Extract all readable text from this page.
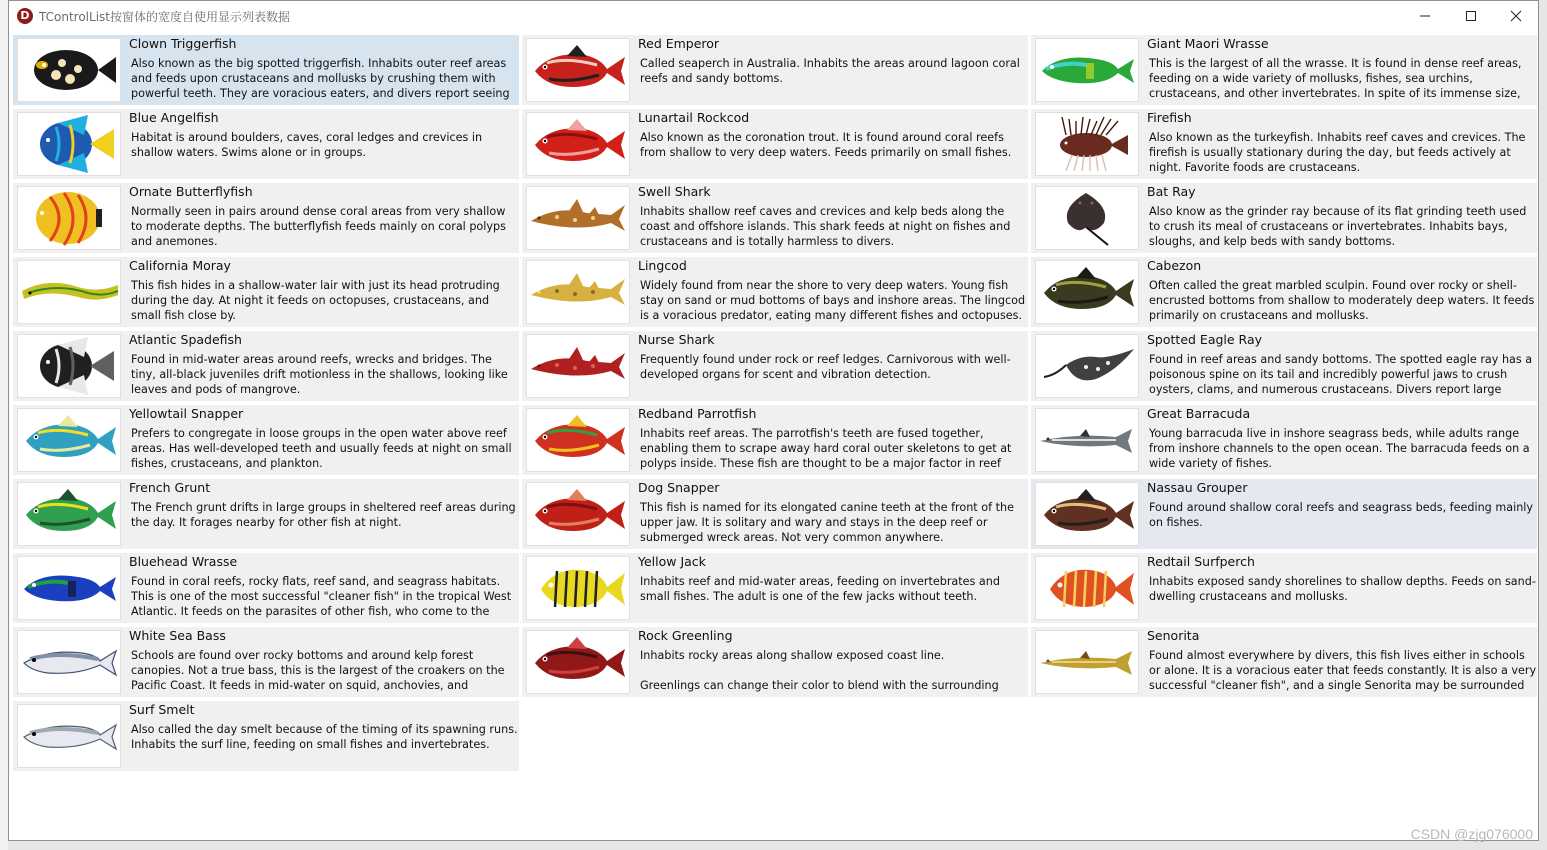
D TControlList按窗体的宽度自使用显示列表数据
Clown Triggerfish
Also known as the big spotted triggerfish. Inhabits outer reef areas and feeds upon crustaceans and mollusks by crushing them with powerful teeth. They are voracious eaters, and divers report seeing
Red Emperor
Called seaperch in Australia. Inhabits the areas around lagoon coral reefs and sandy bottoms.
Giant Maori Wrasse
This is the largest of all the wrasse. It is found in dense reef areas, feeding on a wide variety of mollusks, fishes, sea urchins, crustaceans, and other invertebrates. In spite of its immense size,
Blue Angelfish
Habitat is around boulders, caves, coral ledges and crevices in shallow waters. Swims alone or in groups.
Lunartail Rockcod
Also known as the coronation trout. It is found around coral reefs from shallow to very deep waters. Feeds primarily on small fishes.
Firefish
Also known as the turkeyfish. Inhabits reef caves and crevices. The firefish is usually stationary during the day, but feeds actively at night. Favorite foods are crustaceans.
Ornate Butterflyfish
Normally seen in pairs around dense coral areas from very shallow to moderate depths. The butterflyfish feeds mainly on coral polyps and anemones.
Swell Shark
Inhabits shallow reef caves and crevices and kelp beds along the coast and offshore islands. This shark feeds at night on fishes and crustaceans and is totally harmless to divers.
Bat Ray
Also know as the grinder ray because of its flat grinding teeth used to crush its meal of crustaceans or invertebrates. Inhabits bays, sloughs, and kelp beds with sandy bottoms.
California Moray
This fish hides in a shallow-water lair with just its head protruding during the day. At night it feeds on octopuses, crustaceans, and small fish close by.
Lingcod
Widely found from near the shore to very deep waters. Young fish stay on sand or mud bottoms of bays and inshore areas. The lingcod is a voracious predator, eating many different fishes and octopuses.
Cabezon
Often called the great marbled sculpin. Found over rocky or shell-encrusted bottoms from shallow to moderately deep waters. It feeds primarily on crustaceans and mollusks.
Atlantic Spadefish
Found in mid-water areas around reefs, wrecks and bridges. The tiny, all-black juveniles drift motionless in the shallows, looking like leaves and pods of mangrove.
Nurse Shark
Frequently found under rock or reef ledges. Carnivorous with well-developed organs for scent and vibration detection.
Spotted Eagle Ray
Found in reef areas and sandy bottoms. The spotted eagle ray has a poisonous spine on its tail and incredibly powerful jaws to crush oysters, clams, and numerous crustaceans. Divers report large
Yellowtail Snapper
Prefers to congregate in loose groups in the open water above reef areas. Has well-developed teeth and usually feeds at night on small fishes, crustaceans, and plankton.
Redband Parrotfish
Inhabits reef areas. The parrotfish's teeth are fused together, enabling them to scrape away hard coral outer skeletons to get at polyps inside. These fish are thought to be a major factor in reef
Great Barracuda
Young barracuda live in inshore seagrass beds, while adults range from inshore channels to the open ocean. The barracuda feeds on a wide variety of fishes.
French Grunt
The French grunt drifts in large groups in sheltered reef areas during the day. It forages nearby for other fish at night.
Dog Snapper
This fish is named for its elongated canine teeth at the front of the upper jaw. It is solitary and wary and stays in the deep reef or submerged wreck areas. Not very common anywhere.
Nassau Grouper
Found around shallow coral reefs and seagrass beds, feeding mainly on fishes.
Bluehead Wrasse
Found in coral reefs, rocky flats, reef sand, and seagrass habitats. This is one of the most successful "cleaner fish" in the tropical West Atlantic. It feeds on the parasites of other fish, who come to the
Yellow Jack
Inhabits reef and mid-water areas, feeding on invertebrates and small fishes. The adult is one of the few jacks without teeth.
Redtail Surfperch
Inhabits exposed sandy shorelines to shallow depths. Feeds on sand-dwelling crustaceans and mollusks.
White Sea Bass
Schools are found over rocky bottoms and around kelp forest canopies. Not a true bass, this is the largest of the croakers on the Pacific Coast. It feeds in mid-water on squid, anchovies, and
Rock Greenling
Inhabits rocky areas along shallow exposed coast line.

Greenlings can change their color to blend with the surrounding
Senorita
Found almost everywhere by divers, this fish lives either in schools or alone. It is a voracious eater that feeds constantly. It is also a very successful "cleaner fish", and a single Senorita may be surrounded
Surf Smelt
Also called the day smelt because of the timing of its spawning runs. Inhabits the surf line, feeding on small fishes and invertebrates.
CSDN @zjg076000
